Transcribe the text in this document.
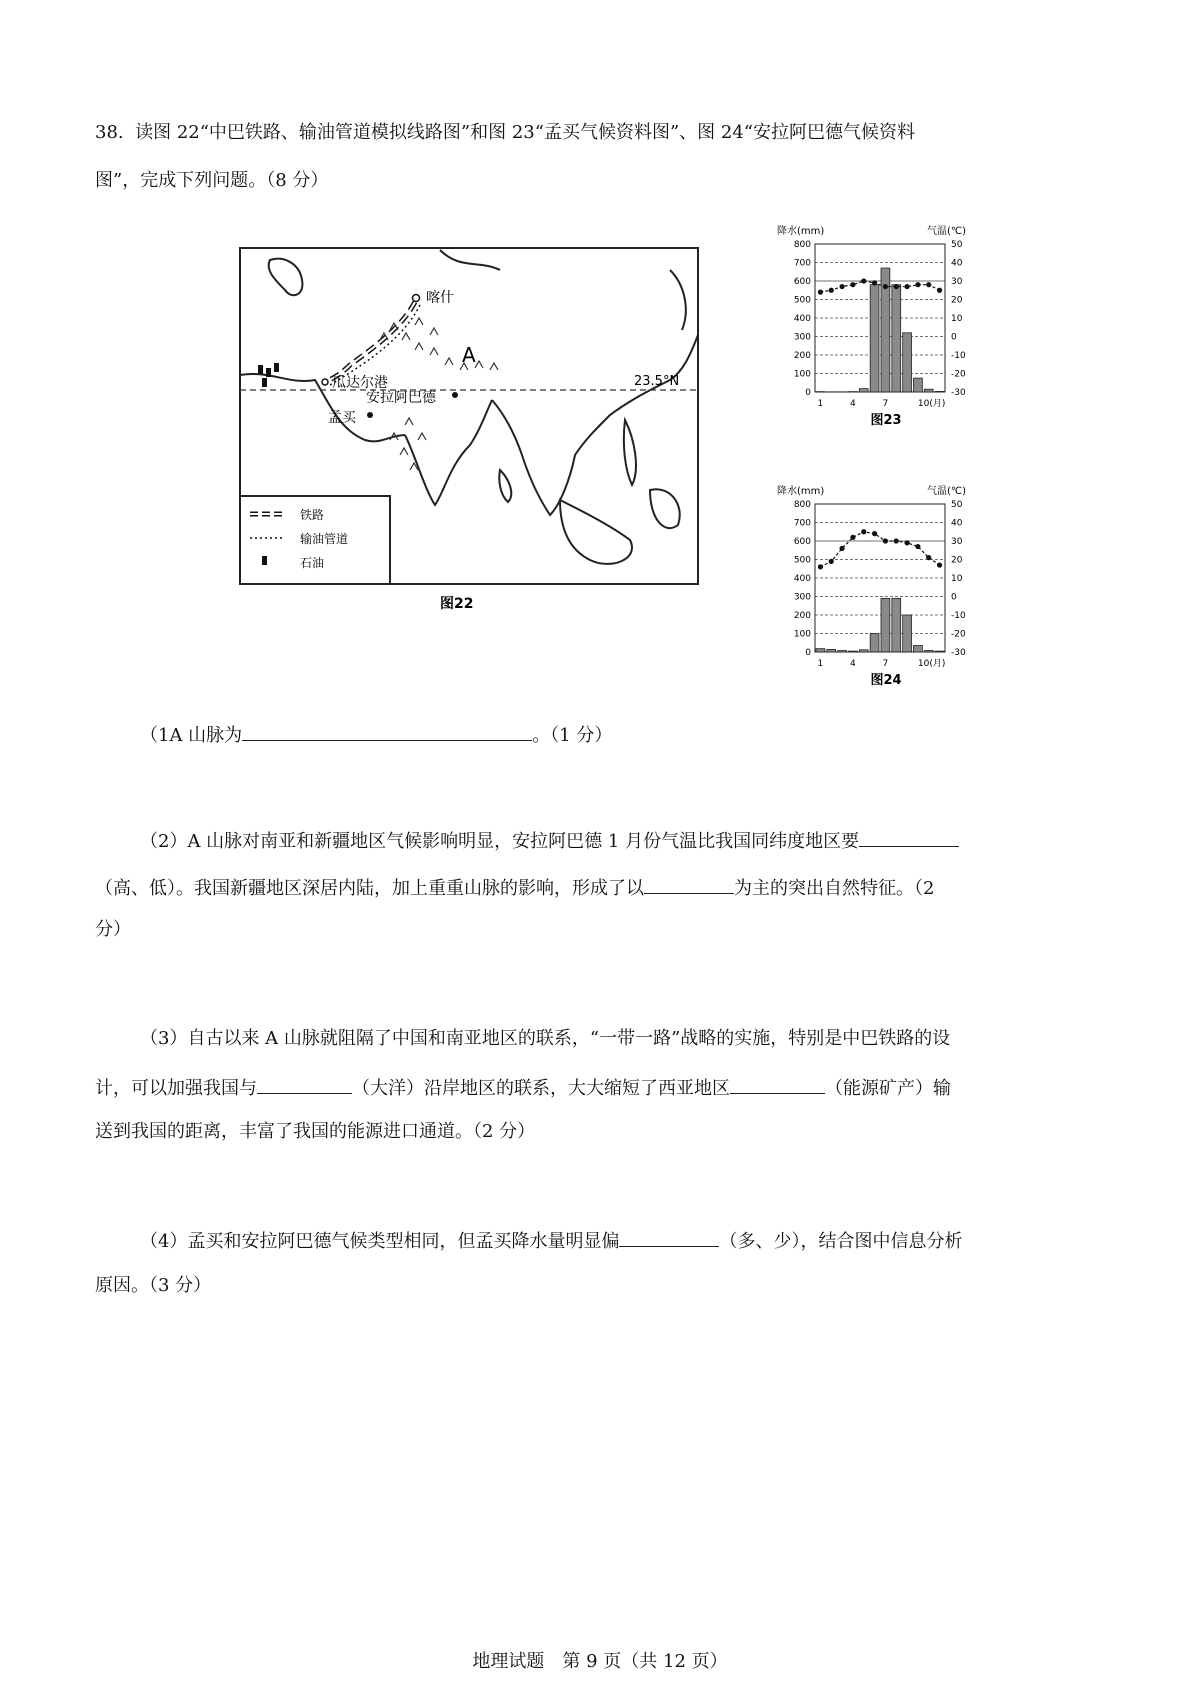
38. 读图 22“中巴铁路、输油管道模拟线路图”和图 23“孟买气候资料图”、图 24“安拉阿巴德气候资料
图”，完成下列问题。（8 分）
喀什
A
瓜达尔港
安拉阿巴德
孟买
23.5°N
铁路
输油管道
石油
图22
降水(mm)	气温(℃)
800
700
600
500
400
300
200
100
0
50
40
30
20
10
0
-10
-20
-30
1	4	7	10(月)
图23
降水(mm)	气温(℃)
800
700
600
500
400
300
200
100
0
50
40
30
20
10
0
-10
-20
-30
1	4	7	10(月)
图24
（1A 山脉为	。（1 分）
（2）A 山脉对南亚和新疆地区气候影响明显，安拉阿巴德 1 月份气温比我国同纬度地区要
（高、低）。我国新疆地区深居内陆，加上重重山脉的影响，形成了以	为主的突出自然特征。（2
分）
（3）自古以来 A 山脉就阻隔了中国和南亚地区的联系，“一带一路”战略的实施，特别是中巴铁路的设
计，可以加强我国与	（大洋）沿岸地区的联系，大大缩短了西亚地区	（能源矿产）输
送到我国的距离，丰富了我国的能源进口通道。（2 分）
（4）孟买和安拉阿巴德气候类型相同，但孟买降水量明显偏	（多、少），结合图中信息分析
原因。（3 分）
地理试题　第 9 页（共 12 页）
